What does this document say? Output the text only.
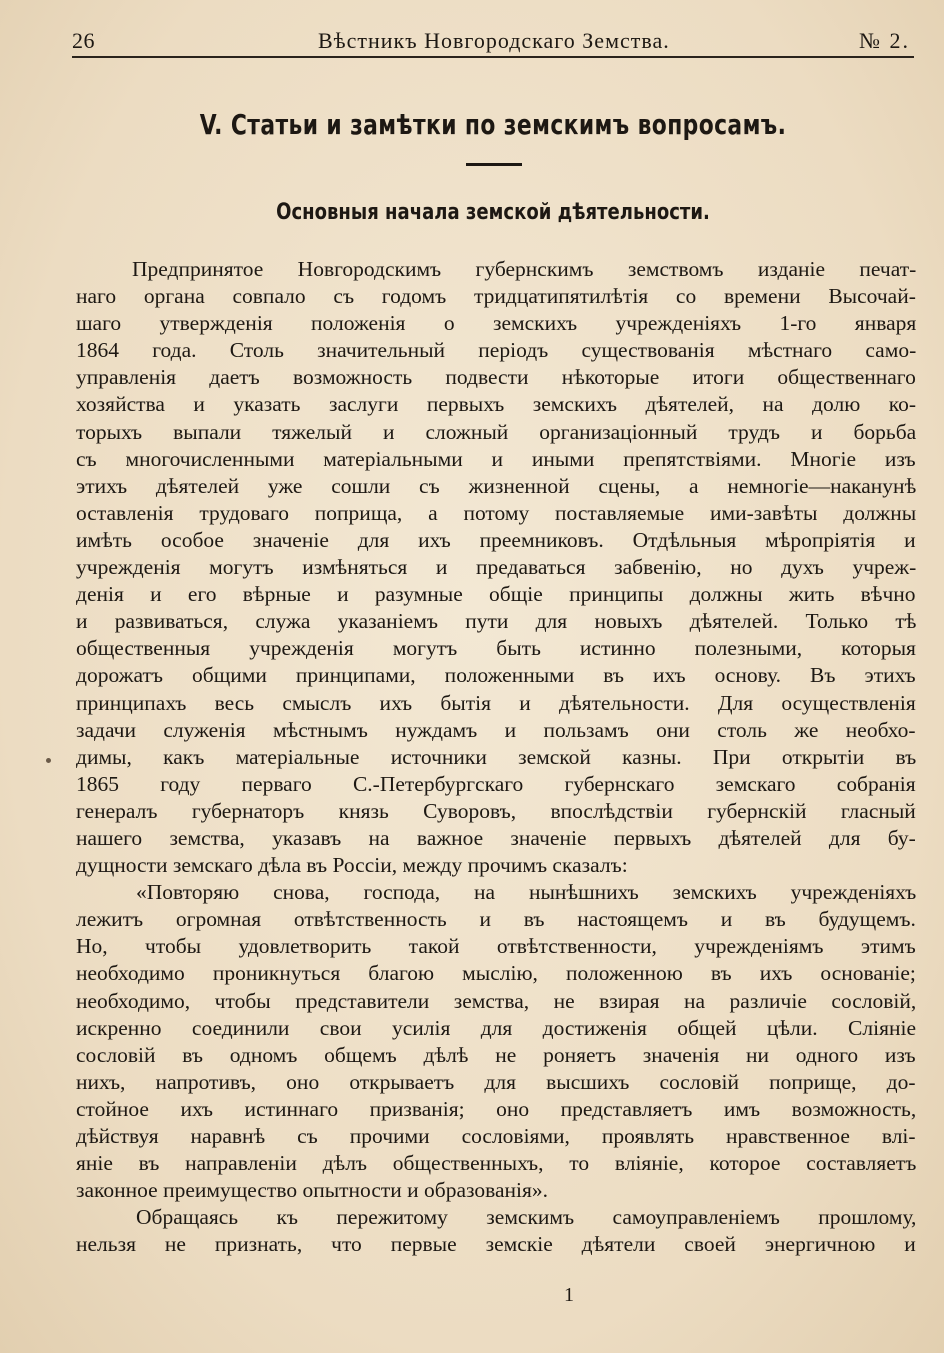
26	Вѣстникъ Новгородскаго Земства.	№ 2.
V. Статьи и замѣтки по земскимъ вопросамъ.
Основныя начала земской дѣятельности.
Предпринятое Новгородскимъ губернскимъ земствомъ изданіе печат-
наго органа совпало съ годомъ тридцатипятилѣтія со времени Высочай-
шаго утвержденія положенія о земскихъ учрежденіяхъ 1-го января
1864 года. Столь значительный періодъ существованія мѣстнаго само-
управленія даетъ возможность подвести нѣкоторые итоги общественнаго
хозяйства и указать заслуги первыхъ земскихъ дѣятелей, на долю ко-
торыхъ выпали тяжелый и сложный организаціонный трудъ и борьба
съ многочисленными матеріальными и иными препятствіями. Многіе изъ
этихъ дѣятелей уже сошли съ жизненной сцены, а немногіе—наканунѣ
оставленія трудоваго поприща, а потому поставляемые ими-завѣты должны
имѣть особое значеніе для ихъ преемниковъ. Отдѣльныя мѣропріятія и
учрежденія могутъ измѣняться и предаваться забвенію, но духъ учреж-
денія и его вѣрные и разумные общіе принципы должны жить вѣчно
и развиваться, служа указаніемъ пути для новыхъ дѣятелей. Только тѣ
общественныя учрежденія могутъ быть истинно полезными, которыя
дорожатъ общими принципами, положенными въ ихъ основу. Въ этихъ
принципахъ весь смыслъ ихъ бытія и дѣятельности. Для осуществленія
задачи служенія мѣстнымъ нуждамъ и пользамъ они столь же необхо-
димы, какъ матеріальные источники земской казны. При открытіи въ
1865 году перваго С.-Петербургскаго губернскаго земскаго собранія
генералъ губернаторъ князь Суворовъ, впослѣдствіи губернскій гласный
нашего земства, указавъ на важное значеніе первыхъ дѣятелей для бу-
дущности земскаго дѣла въ Россіи, между прочимъ сказалъ:
«Повторяю снова, господа, на нынѣшнихъ земскихъ учрежденіяхъ
лежитъ огромная отвѣтственность и въ настоящемъ и въ будущемъ.
Но, чтобы удовлетворить такой отвѣтственности, учрежденіямъ этимъ
необходимо проникнуться благою мыслію, положенною въ ихъ основаніе;
необходимо, чтобы представители земства, не взирая на различіе сословій,
искренно соединили свои усилія для достиженія общей цѣли. Сліяніе
сословій въ одномъ общемъ дѣлѣ не роняетъ значенія ни одного изъ
нихъ, напротивъ, оно открываетъ для высшихъ сословій поприще, до-
стойное ихъ истиннаго призванія; оно представляетъ имъ возможность,
дѣйствуя наравнѣ съ прочими сословіями, проявлять нравственное влі-
яніе въ направленіи дѣлъ общественныхъ, то вліяніе, которое составляетъ
законное преимущество опытности и образованія».
Обращаясь къ пережитому земскимъ самоуправленіемъ прошлому,
нельзя не признать, что первые земскіе дѣятели своей энергичною и
1
